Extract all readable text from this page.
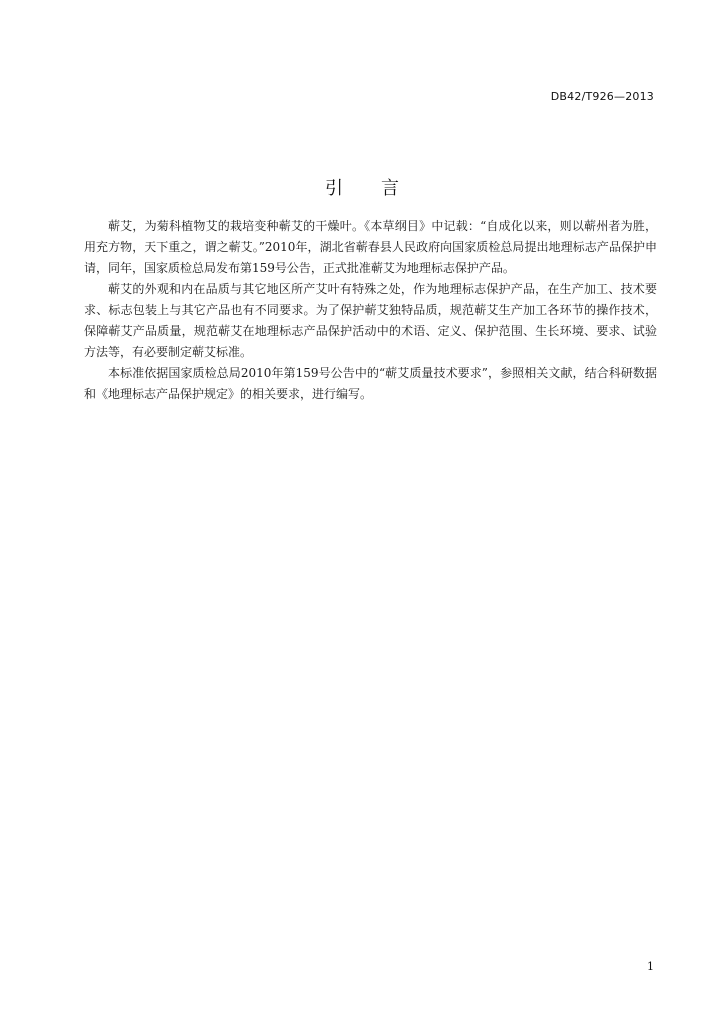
DB42/T926—2013
引言

蕲艾，为菊科植物艾的栽培变种蕲艾的干燥叶。《本草纲目》中记载：“自成化以来，则以蕲州者为胜，用充方物，天下重之，谓之蕲艾。”2010年，湖北省蕲春县人民政府向国家质检总局提出地理标志产品保护申请，同年，国家质检总局发布第159号公告，正式批准蕲艾为地理标志保护产品。

蕲艾的外观和内在品质与其它地区所产艾叶有特殊之处，作为地理标志保护产品，在生产加工、技术要求、标志包装上与其它产品也有不同要求。为了保护蕲艾独特品质，规范蕲艾生产加工各环节的操作技术，保障蕲艾产品质量，规范蕲艾在地理标志产品保护活动中的术语、定义、保护范围、生长环境、要求、试验方法等，有必要制定蕲艾标准。

本标准依据国家质检总局2010年第159号公告中的“蕲艾质量技术要求”，参照相关文献，结合科研数据和《地理标志产品保护规定》的相关要求，进行编写。

1
